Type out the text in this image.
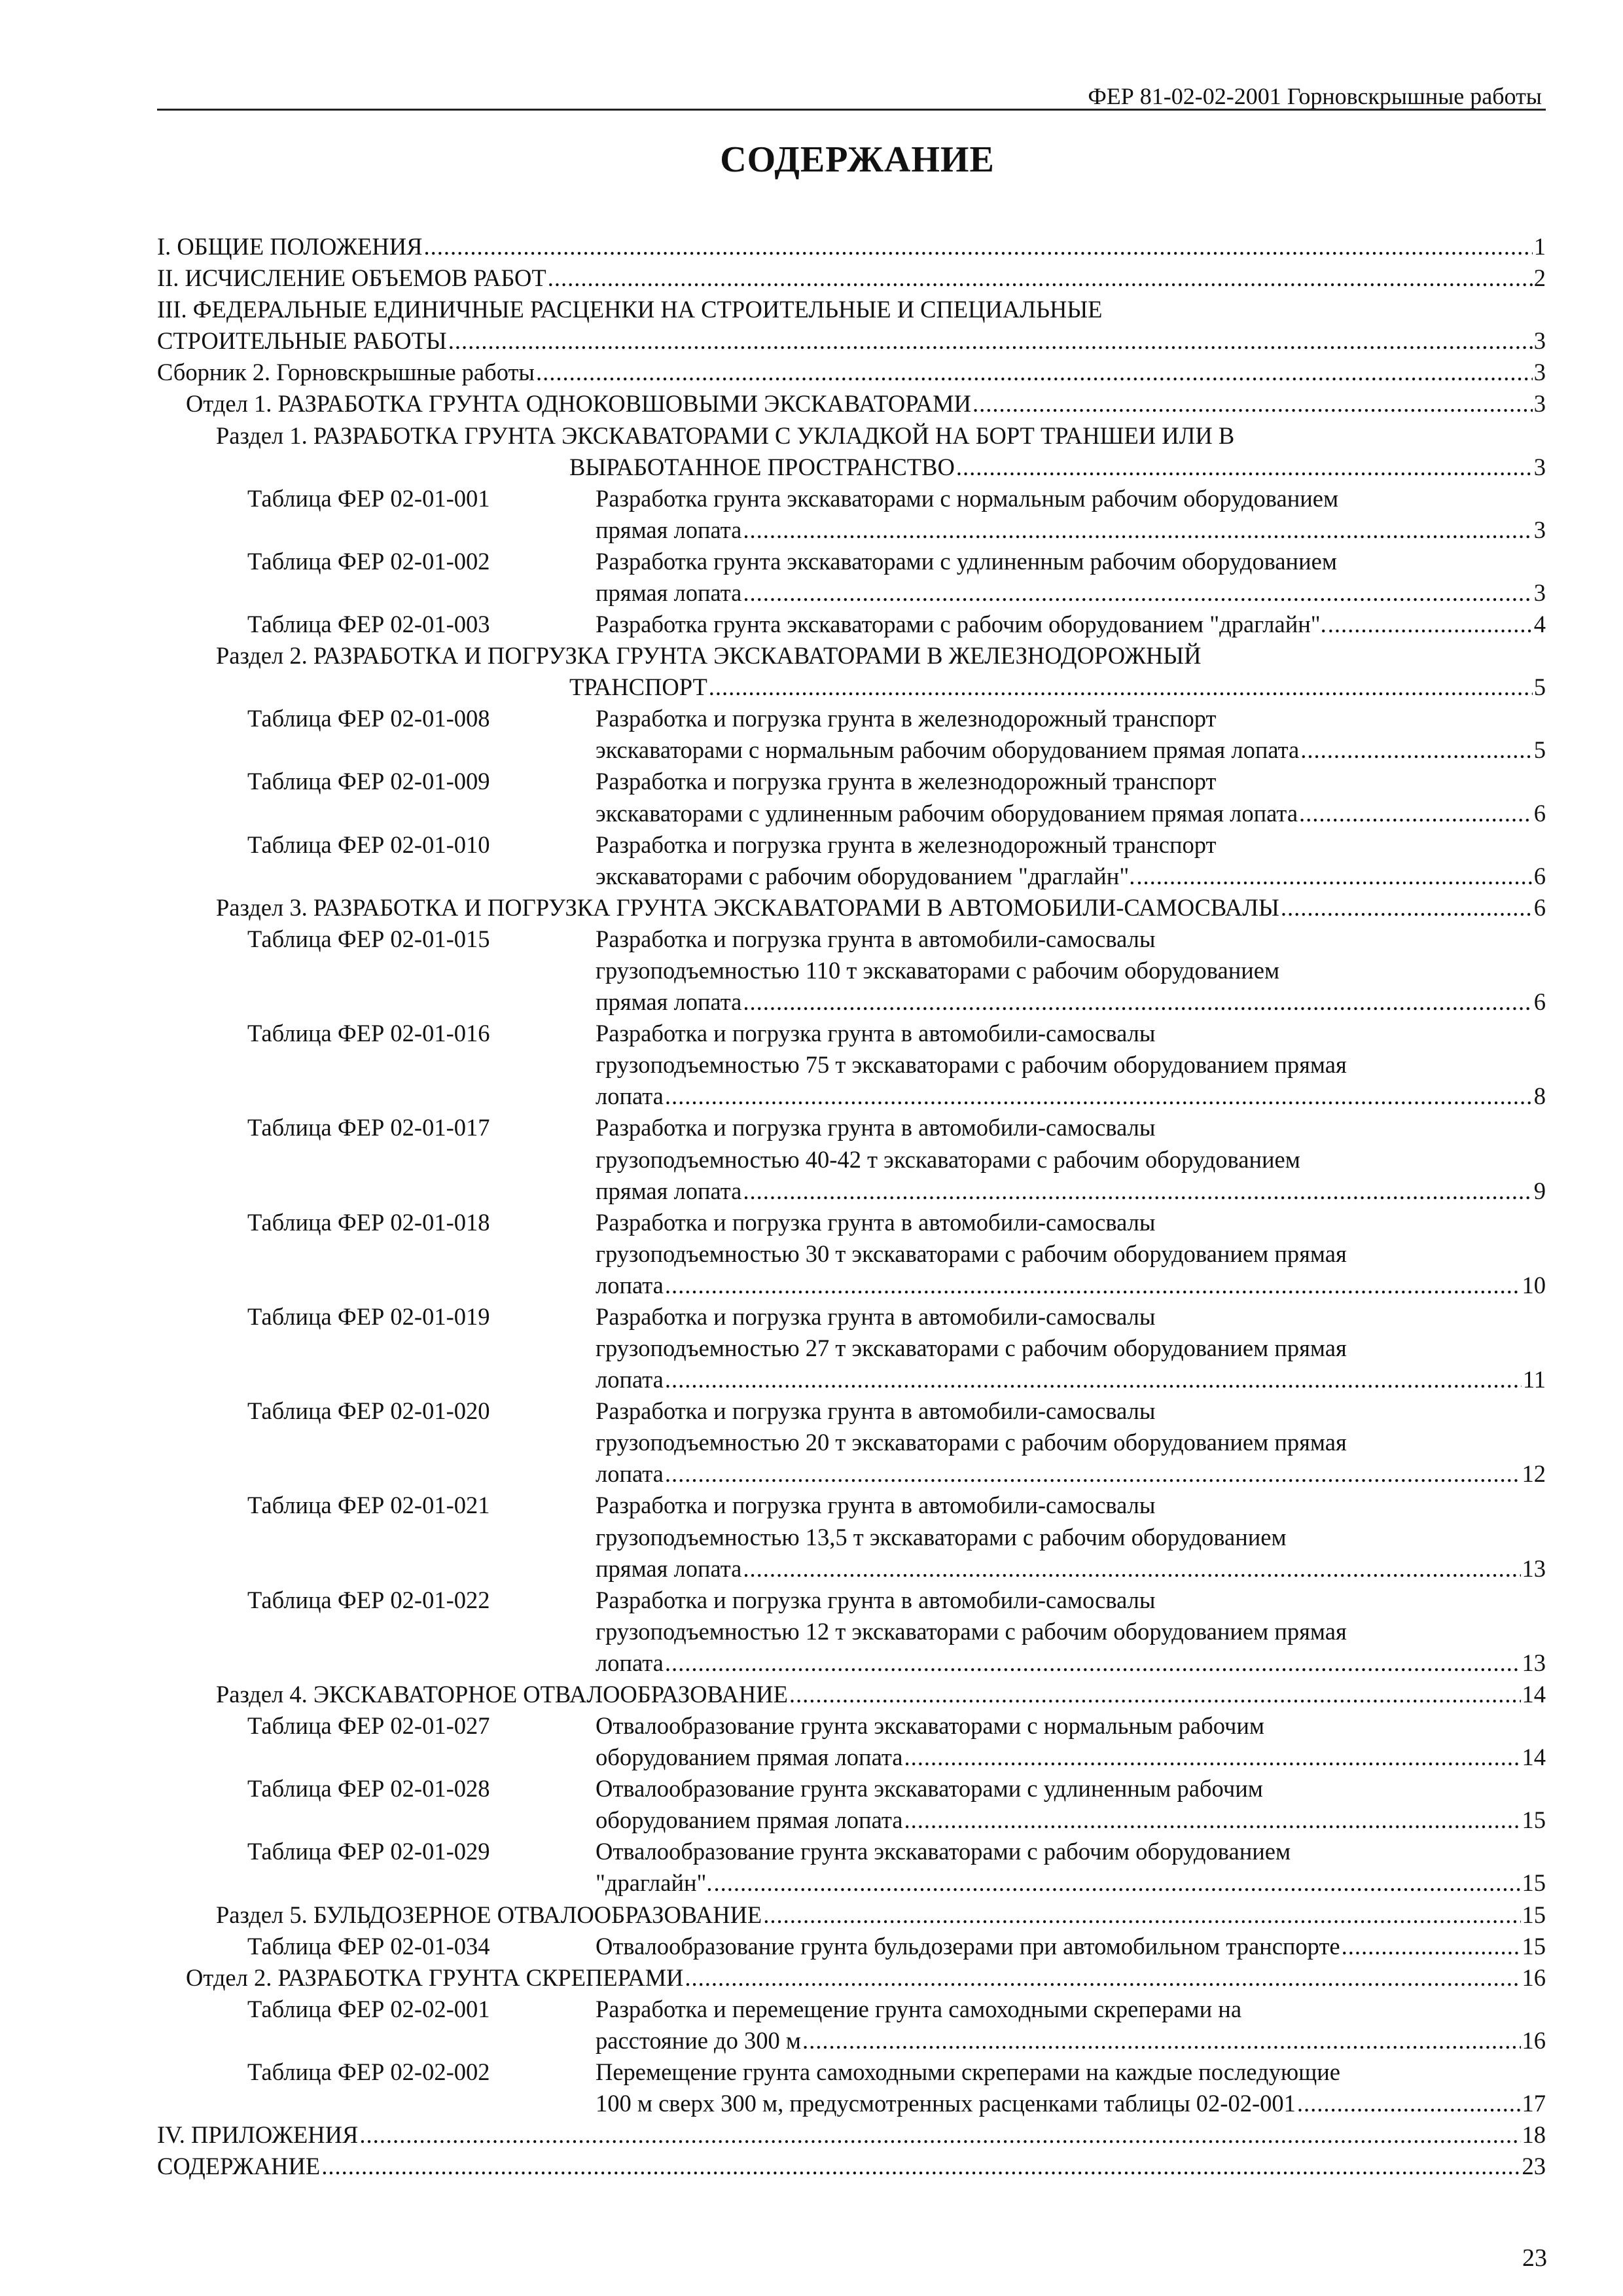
ФЕР 81-02-02-2001 Горновскрышные работы
СОДЕРЖАНИЕ
I. ОБЩИЕ ПОЛОЖЕНИЯ .....	1
II. ИСЧИСЛЕНИЕ ОБЪЕМОВ РАБОТ .....	2
III. ФЕДЕРАЛЬНЫЕ ЕДИНИЧНЫЕ РАСЦЕНКИ НА СТРОИТЕЛЬНЫЕ И СПЕЦИАЛЬНЫЕ
СТРОИТЕЛЬНЫЕ РАБОТЫ .....	3
Сборник 2. Горновскрышные работы .....	3
Отдел 1. РАЗРАБОТКА ГРУНТА ОДНОКОВШОВЫМИ ЭКСКАВАТОРАМИ .....	3
Раздел 1. РАЗРАБОТКА ГРУНТА ЭКСКАВАТОРАМИ С УКЛАДКОЙ НА БОРТ ТРАНШЕИ ИЛИ В
ВЫРАБОТАННОЕ ПРОСТРАНСТВО .....	3
Таблица ФЕР 02-01-001	Разработка грунта экскаваторами с нормальным рабочим оборудованием
прямая лопата .....	3
Таблица ФЕР 02-01-002	Разработка грунта экскаваторами с удлиненным рабочим оборудованием
прямая лопата .....	3
Таблица ФЕР 02-01-003	Разработка грунта экскаваторами с рабочим оборудованием "драглайн". .....	4
Раздел 2. РАЗРАБОТКА И ПОГРУЗКА ГРУНТА ЭКСКАВАТОРАМИ В ЖЕЛЕЗНОДОРОЖНЫЙ
ТРАНСПОРТ .....	5
Таблица ФЕР 02-01-008	Разработка и погрузка грунта в железнодорожный транспорт
экскаваторами с нормальным рабочим оборудованием прямая лопата .....	5
Таблица ФЕР 02-01-009	Разработка и погрузка грунта в железнодорожный транспорт
экскаваторами с удлиненным рабочим оборудованием прямая лопата .....	6
Таблица ФЕР 02-01-010	Разработка и погрузка грунта в железнодорожный транспорт
экскаваторами с рабочим оборудованием "драглайн". .....	6
Раздел 3. РАЗРАБОТКА И ПОГРУЗКА ГРУНТА ЭКСКАВАТОРАМИ В АВТОМОБИЛИ-САМОСВАЛЫ .....	6
Таблица ФЕР 02-01-015	Разработка и погрузка грунта в автомобили-самосвалы
грузоподъемностью 110 т экскаваторами с рабочим оборудованием
прямая лопата .....	6
Таблица ФЕР 02-01-016	Разработка и погрузка грунта в автомобили-самосвалы
грузоподъемностью 75 т экскаваторами с рабочим оборудованием прямая
лопата .....	8
Таблица ФЕР 02-01-017	Разработка и погрузка грунта в автомобили-самосвалы
грузоподъемностью 40-42 т экскаваторами с рабочим оборудованием
прямая лопата .....	9
Таблица ФЕР 02-01-018	Разработка и погрузка грунта в автомобили-самосвалы
грузоподъемностью 30 т экскаваторами с рабочим оборудованием прямая
лопата .....	10
Таблица ФЕР 02-01-019	Разработка и погрузка грунта в автомобили-самосвалы
грузоподъемностью 27 т экскаваторами с рабочим оборудованием прямая
лопата .....	11
Таблица ФЕР 02-01-020	Разработка и погрузка грунта в автомобили-самосвалы
грузоподъемностью 20 т экскаваторами с рабочим оборудованием прямая
лопата .....	12
Таблица ФЕР 02-01-021	Разработка и погрузка грунта в автомобили-самосвалы
грузоподъемностью 13,5 т экскаваторами с рабочим оборудованием
прямая лопата .....	13
Таблица ФЕР 02-01-022	Разработка и погрузка грунта в автомобили-самосвалы
грузоподъемностью 12 т экскаваторами с рабочим оборудованием прямая
лопата .....	13
Раздел 4. ЭКСКАВАТОРНОЕ ОТВАЛООБРАЗОВАНИЕ .....	14
Таблица ФЕР 02-01-027	Отвалообразование грунта экскаваторами с нормальным рабочим
оборудованием прямая лопата .....	14
Таблица ФЕР 02-01-028	Отвалообразование грунта экскаваторами с удлиненным рабочим
оборудованием прямая лопата .....	15
Таблица ФЕР 02-01-029	Отвалообразование грунта экскаваторами с рабочим оборудованием
"драглайн". .....	15
Раздел 5. БУЛЬДОЗЕРНОЕ ОТВАЛООБРАЗОВАНИЕ .....	15
Таблица ФЕР 02-01-034	Отвалообразование грунта бульдозерами при автомобильном транспорте .....	15
Отдел 2. РАЗРАБОТКА ГРУНТА СКРЕПЕРАМИ .....	16
Таблица ФЕР 02-02-001	Разработка и перемещение грунта самоходными скреперами на
расстояние до 300 м .....	16
Таблица ФЕР 02-02-002	Перемещение грунта самоходными скреперами на каждые последующие
100 м сверх 300 м, предусмотренных расценками таблицы 02-02-001 .....	17
IV. ПРИЛОЖЕНИЯ .....	18
СОДЕРЖАНИЕ .....	23
23
